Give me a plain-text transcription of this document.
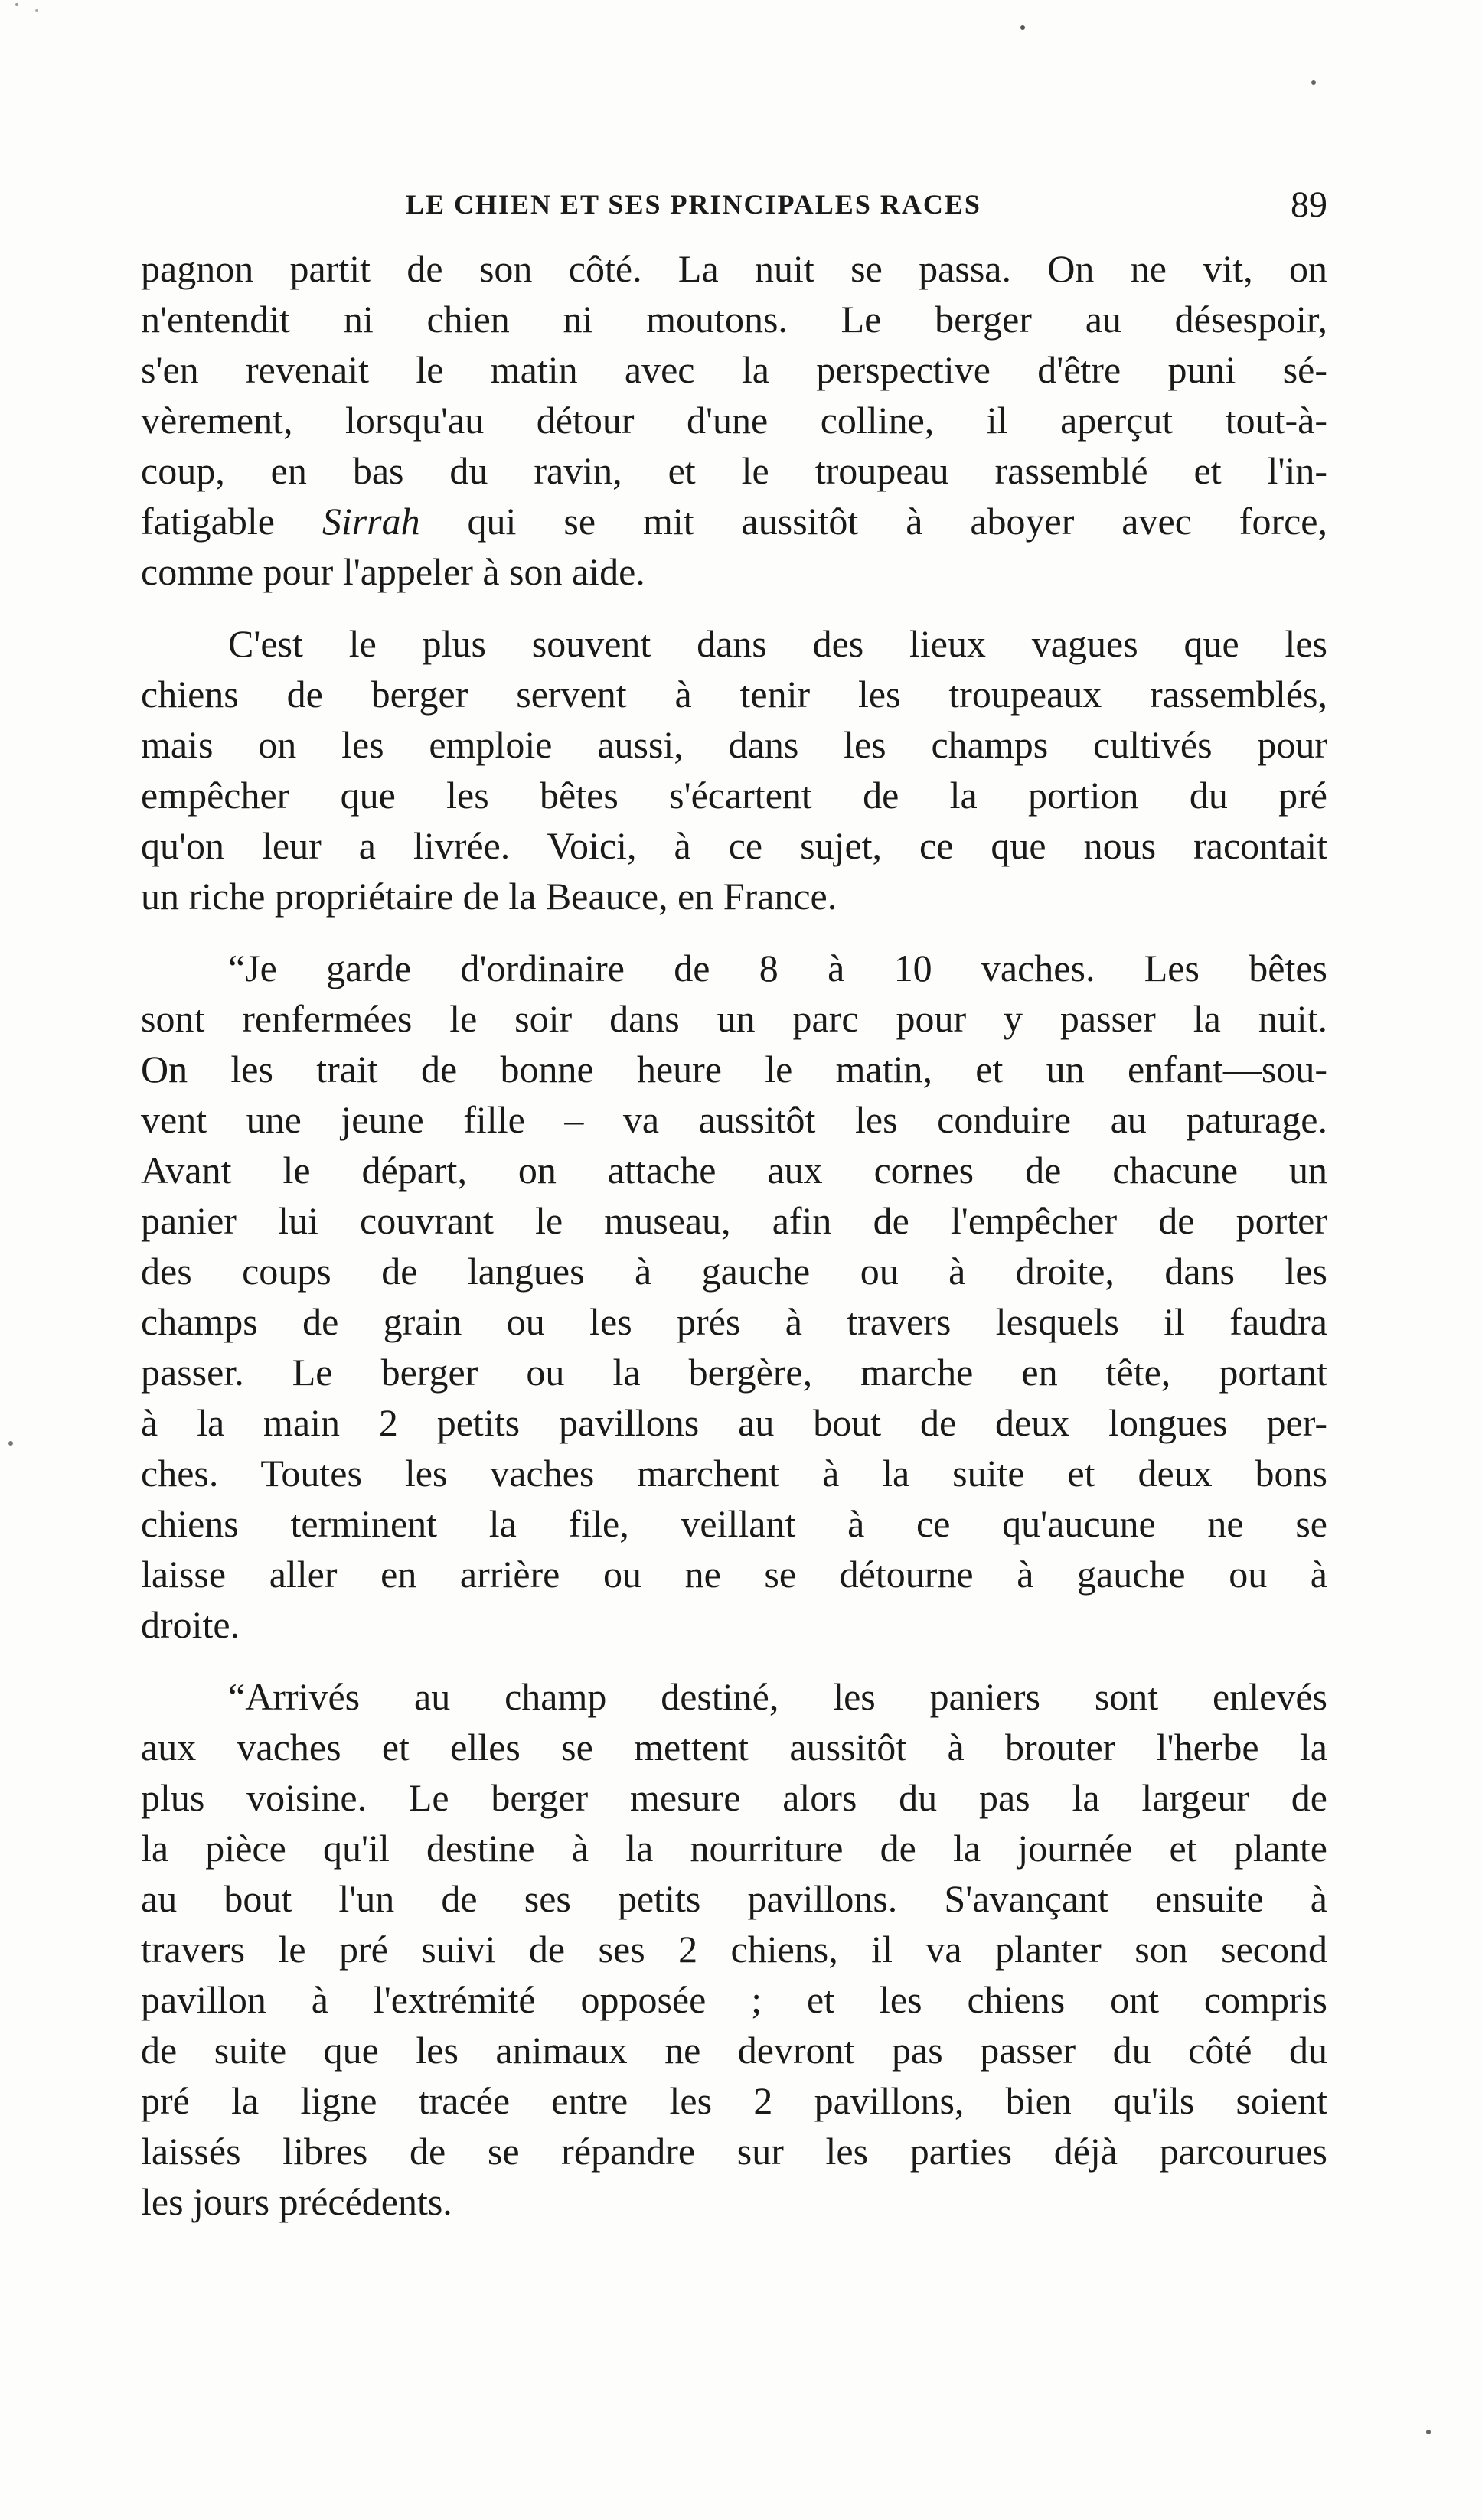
LE CHIEN ET SES PRINCIPALES RACES	89
pagnon partit de son côté. La nuit se passa. On ne vit, on
n'entendit ni chien ni moutons. Le berger au désespoir,
s'en revenait le matin avec la perspective d'être puni sé-
vèrement, lorsqu'au détour d'une colline, il aperçut tout-à-
coup, en bas du ravin, et le troupeau rassemblé et l'in-
fatigable Sirrah qui se mit aussitôt à aboyer avec force,
comme pour l'appeler à son aide.
C'est le plus souvent dans des lieux vagues que les
chiens de berger servent à tenir les troupeaux rassemblés,
mais on les emploie aussi, dans les champs cultivés pour
empêcher que les bêtes s'écartent de la portion du pré
qu'on leur a livrée. Voici, à ce sujet, ce que nous racontait
un riche propriétaire de la Beauce, en France.
“Je garde d'ordinaire de 8 à 10 vaches. Les bêtes
sont renfermées le soir dans un parc pour y passer la nuit.
On les trait de bonne heure le matin, et un enfant—sou-
vent une jeune fille – va aussitôt les conduire au paturage.
Avant le départ, on attache aux cornes de chacune un
panier lui couvrant le museau, afin de l'empêcher de porter
des coups de langues à gauche ou à droite, dans les
champs de grain ou les prés à travers lesquels il faudra
passer. Le berger ou la bergère, marche en tête, portant
à la main 2 petits pavillons au bout de deux longues per-
ches. Toutes les vaches marchent à la suite et deux bons
chiens terminent la file, veillant à ce qu'aucune ne se
laisse aller en arrière ou ne se détourne à gauche ou à
droite.
“Arrivés au champ destiné, les paniers sont enlevés
aux vaches et elles se mettent aussitôt à brouter l'herbe la
plus voisine. Le berger mesure alors du pas la largeur de
la pièce qu'il destine à la nourriture de la journée et plante
au bout l'un de ses petits pavillons. S'avançant ensuite à
travers le pré suivi de ses 2 chiens, il va planter son second
pavillon à l'extrémité opposée ; et les chiens ont compris
de suite que les animaux ne devront pas passer du côté du
pré la ligne tracée entre les 2 pavillons, bien qu'ils soient
laissés libres de se répandre sur les parties déjà parcourues
les jours précédents.
